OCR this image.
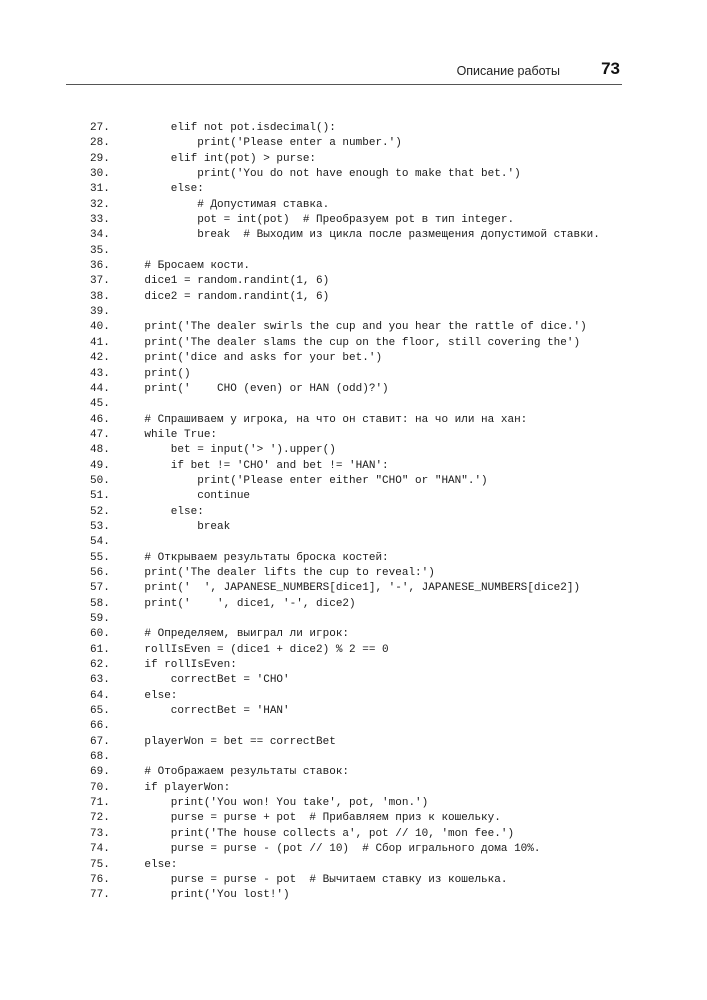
Описание работы 73
27. elif not pot.isdecimal():
28. print('Please enter a number.')
29. elif int(pot) > purse:
30. print('You do not have enough to make that bet.')
31. else:
32. # Допустимая ставка.
33. pot = int(pot)  # Преобразуем pot в тип integer.
34. break  # Выходим из цикла после размещения допустимой ставки.
35.
36. # Бросаем кости.
37. dice1 = random.randint(1, 6)
38. dice2 = random.randint(1, 6)
39.
40. print('The dealer swirls the cup and you hear the rattle of dice.')
41. print('The dealer slams the cup on the floor, still covering the')
42. print('dice and asks for your bet.')
43. print()
44. print('    CHO (even) or HAN (odd)?')
45.
46. # Спрашиваем у игрока, на что он ставит: на чо или на хан:
47. while True:
48. bet = input('> ').upper()
49. if bet != 'CHO' and bet != 'HAN':
50. print('Please enter either "CHO" or "HAN".')
51. continue
52. else:
53. break
54.
55. # Открываем результаты броска костей:
56. print('The dealer lifts the cup to reveal:')
57. print('  ', JAPANESE_NUMBERS[dice1], '-', JAPANESE_NUMBERS[dice2])
58. print('    ', dice1, '-', dice2)
59.
60. # Определяем, выиграл ли игрок:
61. rollIsEven = (dice1 + dice2) % 2 == 0
62. if rollIsEven:
63. correctBet = 'CHO'
64. else:
65. correctBet = 'HAN'
66.
67. playerWon = bet == correctBet
68.
69. # Отображаем результаты ставок:
70. if playerWon:
71. print('You won! You take', pot, 'mon.')
72. purse = purse + pot  # Прибавляем приз к кошельку.
73. print('The house collects a', pot // 10, 'mon fee.')
74. purse = purse - (pot // 10)  # Сбор игрального дома 10%.
75. else:
76. purse = purse - pot  # Вычитаем ставку из кошелька.
77. print('You lost!')
